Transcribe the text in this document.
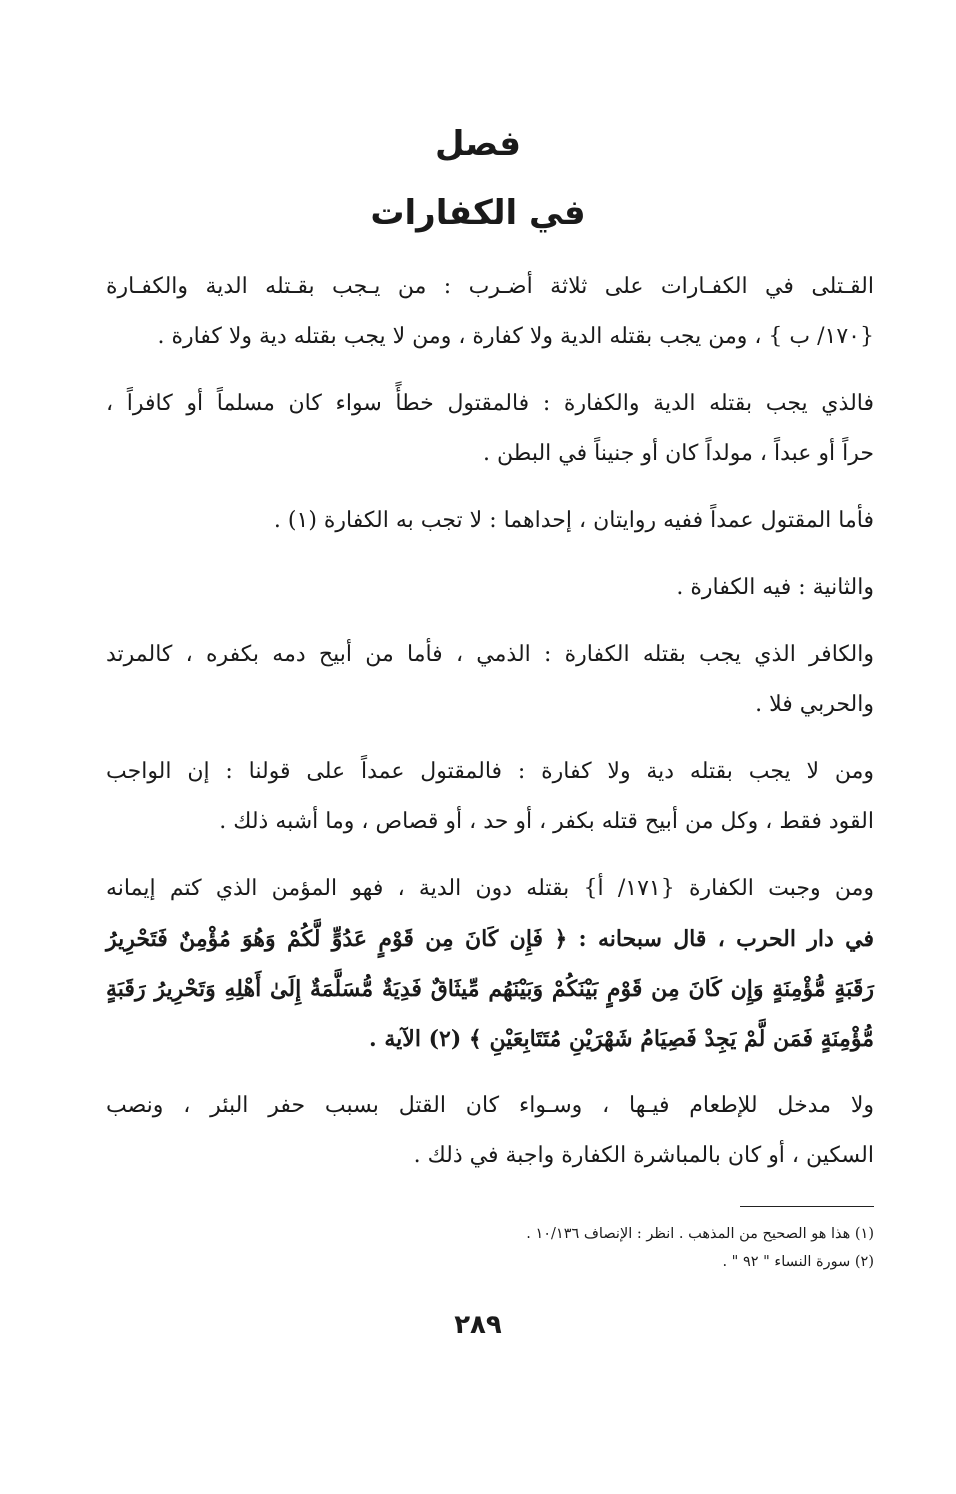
فصل
في الكفارات

القـتلى في الكفـارات على ثلاثة أضـرب : من يـجب بقـتله الدية والكفـارة
{١٧٠/ ب } ، ومن يجب بقتله الدية ولا كفارة ، ومن لا يجب بقتله دية ولا كفارة .

فالذي يجب بقتله الدية والكفارة : فالمقتول خطأً سواء كان مسلماً أو كافراً ،
حراً أو عبداً ، مولداً كان أو جنيناً في البطن .

فأما المقتول عمداً ففيه روايتان ، إحداهما : لا تجب به الكفارة (١) .

والثانية : فيه الكفارة .

والكافر الذي يجب بقتله الكفارة : الذمي ، فأما من أبيح دمه بكفره ، كالمرتد
والحربي فلا .

ومن لا يجب بقتله دية ولا كفارة : فالمقتول عمداً على قولنا : إن الواجب
القود فقط ، وكل من أبيح قتله بكفر ، أو حد ، أو قصاص ، وما أشبه ذلك .

ومن وجبت الكفارة {١٧١/ أ} بقتله دون الدية ، فهو المؤمن الذي كتم إيمانه
في دار الحرب ، قال سبحانه : ﴿ فَإِن كَانَ مِن قَوْمٍ عَدُوٍّ لَّكُمْ وَهُوَ مُؤْمِنٌ فَتَحْرِيرُ
رَقَبَةٍ مُّؤْمِنَةٍ وَإِن كَانَ مِن قَوْمٍ بَيْنَكُمْ وَبَيْنَهُم مِّيثَاقٌ فَدِيَةٌ مُّسَلَّمَةٌ إِلَىٰ أَهْلِهِ وَتَحْرِيرُ رَقَبَةٍ
مُّؤْمِنَةٍ فَمَن لَّمْ يَجِدْ فَصِيَامُ شَهْرَيْنِ مُتَتَابِعَيْنِ ﴾ (٢) الآية .

ولا مدخل للإطعام فيـها ، وسـواء كان القتل بسبب حفر البئر ، ونصب
السكين ، أو كان بالمباشرة الكفارة واجبة في ذلك .

(١) هذا هو الصحيح من المذهب . انظر : الإنصاف ١٠/١٣٦ .
(٢) سورة النساء " ٩٢ " .
٢٨٩
